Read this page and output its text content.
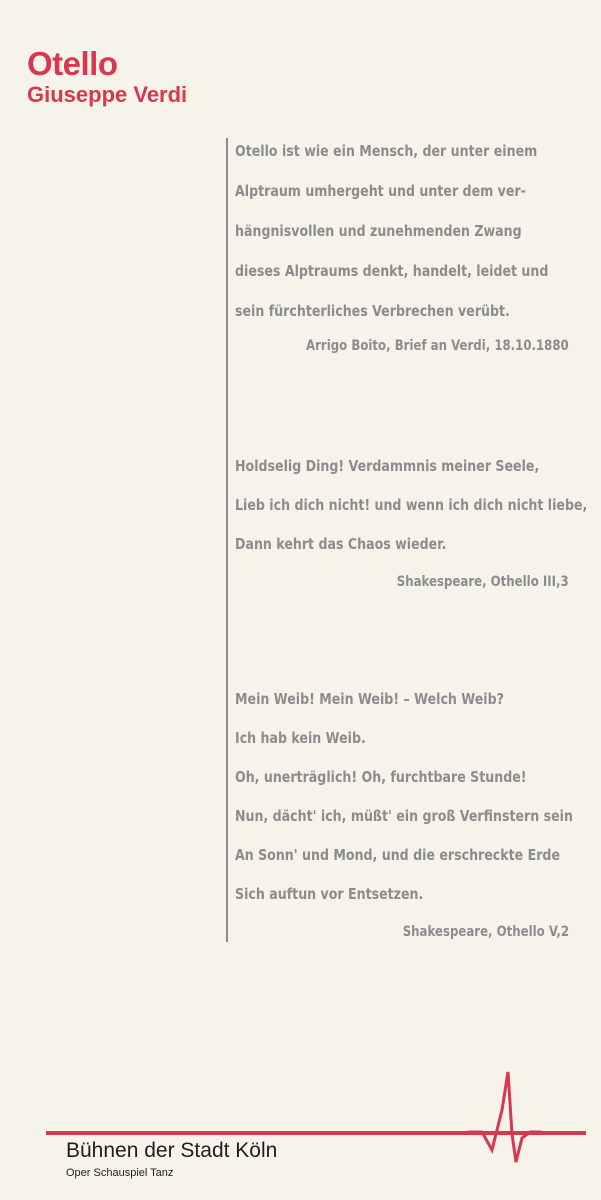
Otello
Giuseppe Verdi
Otello ist wie ein Mensch, der unter einem
Alptraum umhergeht und unter dem ver-
hängnisvollen und zunehmenden Zwang
dieses Alptraums denkt, handelt, leidet und
sein fürchterliches Verbrechen verübt.
Arrigo Boito, Brief an Verdi, 18.10.1880
Holdselig Ding! Verdammnis meiner Seele,
Lieb ich dich nicht! und wenn ich dich nicht liebe,
Dann kehrt das Chaos wieder.
Shakespeare, Othello III,3
Mein Weib! Mein Weib! – Welch Weib?
Ich hab kein Weib.
Oh, unerträglich! Oh, furchtbare Stunde!
Nun, dächt' ich, müßt' ein groß Verfinstern sein
An Sonn' und Mond, und die erschreckte Erde
Sich auftun vor Entsetzen.
Shakespeare, Othello V,2
Bühnen der Stadt Köln
Oper Schauspiel Tanz
